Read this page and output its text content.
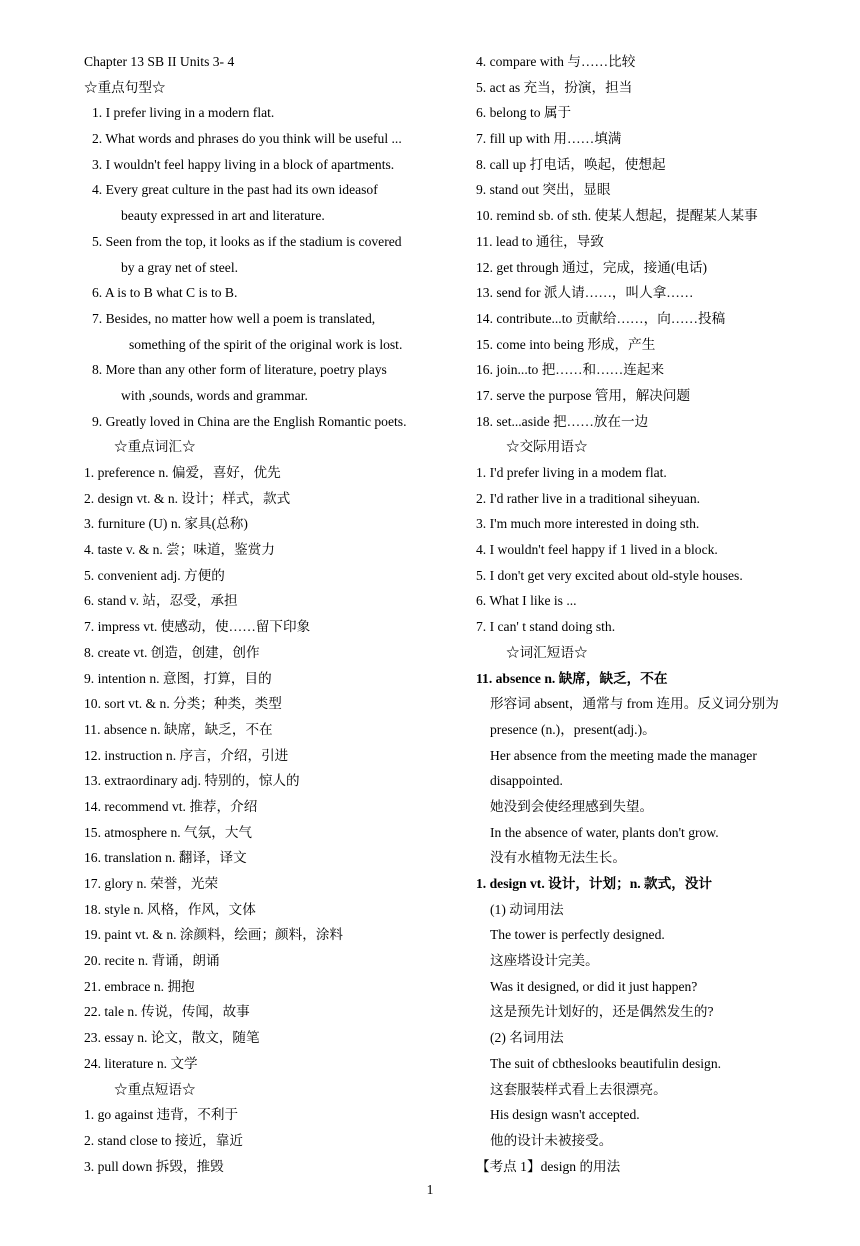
Chapter 13 SB II Units 3- 4
☆重点句型☆
1. I prefer living in a modern flat.
2. What words and phrases do you think will be useful ...
3. I wouldn't feel happy living in a block of apartments.
4. Every great culture in the past had its own ideasof
beauty expressed in art and literature.
5. Seen from the top, it looks as if the stadium is covered
by a gray net of steel.
6. A is to B what C is to B.
7. Besides, no matter how well a poem is translated,
something of the spirit of the original work is lost.
8. More than any other form of literature, poetry plays
with ,sounds, words and grammar.
9. Greatly loved in China are the English Romantic poets.
☆重点词汇☆
1. preference n. 偏爱，喜好，优先
2. design vt. & n. 设计；样式，款式
3. furniture (U) n. 家具(总称)
4. taste v. & n. 尝；味道，鉴赏力
5. convenient adj. 方便的
6. stand v. 站，忍受，承担
7. impress vt. 使感动，使……留下印象
8. create vt. 创造，创建，创作
9. intention n. 意图，打算，目的
10. sort vt. & n. 分类；种类，类型
11. absence n. 缺席，缺乏，不在
12. instruction n. 序言，介绍，引进
13. extraordinary adj. 特别的，惊人的
14. recommend vt. 推荐，介绍
15. atmosphere n. 气氛，大气
16. translation n. 翻译，译文
17. glory n. 荣誉，光荣
18. style n. 风格，作风，文体
19. paint vt. & n. 涂颜料，绘画；颜料，涂料
20. recite n. 背诵，朗诵
21. embrace n. 拥抱
22. tale n. 传说，传闻，故事
23. essay n. 论文，散文，随笔
24. literature n. 文学
☆重点短语☆
1. go against 违背，不利于
2. stand close to 接近，靠近
3. pull down 拆毁，推毁
4. compare with 与……比较
5. act as 充当，扮演，担当
6. belong to 属于
7. fill up with 用……填满
8. call up 打电话，唤起，使想起
9. stand out 突出，显眼
10. remind sb. of sth. 使某人想起，提醒某人某事
11. lead to 通往，导致
12. get through 通过，完成，接通(电话)
13. send for 派人请……，叫人拿……
14. contribute...to 贡献给……，向……投稿
15. come into being 形成，产生
16. join...to 把……和……连起来
17. serve the purpose 管用，解决问题
18. set...aside 把……放在一边
☆交际用语☆
1. I'd prefer living in a modem flat.
2. I'd rather live in a traditional siheyuan.
3. I'm much more interested in doing sth.
4. I wouldn't feel happy if 1 lived in a block.
5. I don't get very excited about old-style houses.
6. What I like is ...
7. I can' t stand doing sth.
☆词汇短语☆
11. absence n. 缺席，缺乏，不在
形容词 absent，通常与 from 连用。反义词分别为
presence (n.)，present(adj.)。
Her absence from the meeting made the manager
disappointed.
她没到会使经理感到失望。
In the absence of water, plants don't grow.
没有水植物无法生长。
1. design vt. 设计，计划；n. 款式，没计
(1) 动词用法
The tower is perfectly designed.
这座塔设计完美。
Was it designed, or did it just happen?
这是预先计划好的，还是偶然发生的?
(2) 名词用法
The suit of cbtheslooks beautifulin design.
这套服装样式看上去很漂亮。
His design wasn't accepted.
他的设计未被接受。
【考点 1】design 的用法
1
